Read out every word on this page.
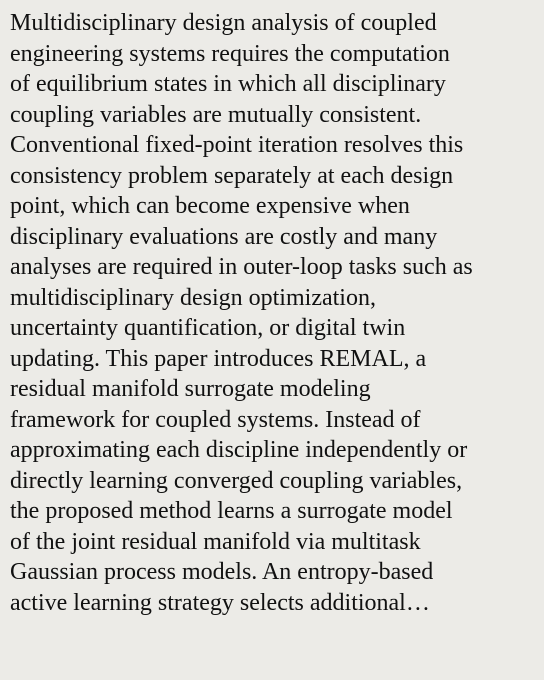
Multidisciplinary design analysis of coupled
engineering systems requires the computation
of equilibrium states in which all disciplinary
coupling variables are mutually consistent.
Conventional fixed-point iteration resolves this
consistency problem separately at each design
point, which can become expensive when
disciplinary evaluations are costly and many
analyses are required in outer-loop tasks such as
multidisciplinary design optimization,
uncertainty quantification, or digital twin
updating. This paper introduces REMAL, a
residual manifold surrogate modeling
framework for coupled systems. Instead of
approximating each discipline independently or
directly learning converged coupling variables,
the proposed method learns a surrogate model
of the joint residual manifold via multitask
Gaussian process models. An entropy-based
active learning strategy selects additional…
